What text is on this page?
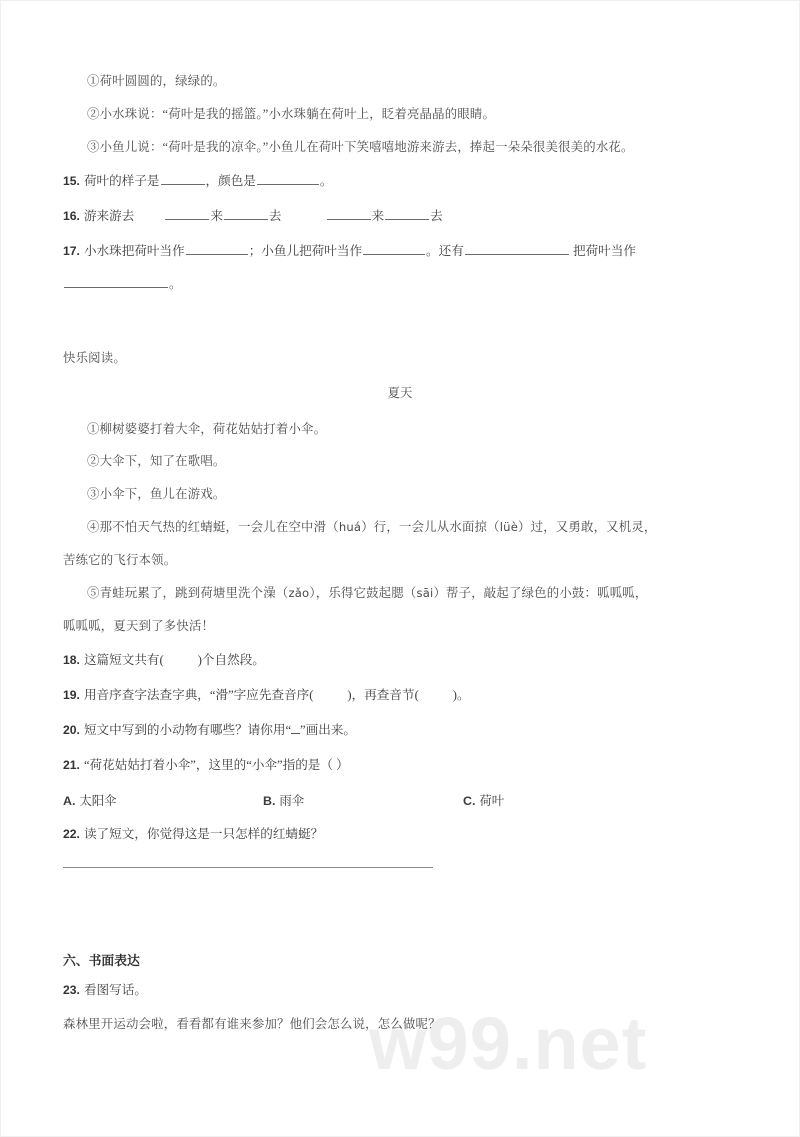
w99.net
①荷叶圆圆的，绿绿的。
②小水珠说：“荷叶是我的摇篮。”小水珠躺在荷叶上，眨着亮晶晶的眼睛。
③小鱼儿说：“荷叶是我的凉伞。”小鱼儿在荷叶下笑嘻嘻地游来游去，捧起一朵朵很美很美的水花。
15. 荷叶的样子是	，颜色是	。
16. 游来游去	来	去	来	去
17. 小水珠把荷叶当作	；小鱼儿把荷叶当作	。还有	把荷叶当作
。
快乐阅读。
夏天
①柳树婆婆打着大伞，荷花姑姑打着小伞。
②大伞下，知了在歌唱。
③小伞下，鱼儿在游戏。
④那不怕天气热的红蜻蜓，一会儿在空中滑（huá）行，一会儿从水面掠（lüè）过，又勇敢，又机灵，
苦练它的飞行本领。
⑤青蛙玩累了，跳到荷塘里洗个澡（zǎo），乐得它鼓起腮（sāi）帮子，敲起了绿色的小鼓：呱呱呱，
呱呱呱，夏天到了多快活！
18. 这篇短文共有(	)个自然段。
19. 用音序查字法查字典，“滑”字应先查音序(	)，再查音节(	)。
20. 短文中写到的小动物有哪些？请你用“ ”画出来。
21. “荷花姑姑打着小伞”，这里的“小伞”指的是（ ）
A. 太阳伞	B. 雨伞	C. 荷叶
22. 读了短文，你觉得这是一只怎样的红蜻蜓？
六、书面表达
23. 看图写话。
森林里开运动会啦，看看都有谁来参加？他们会怎么说，怎么做呢？
